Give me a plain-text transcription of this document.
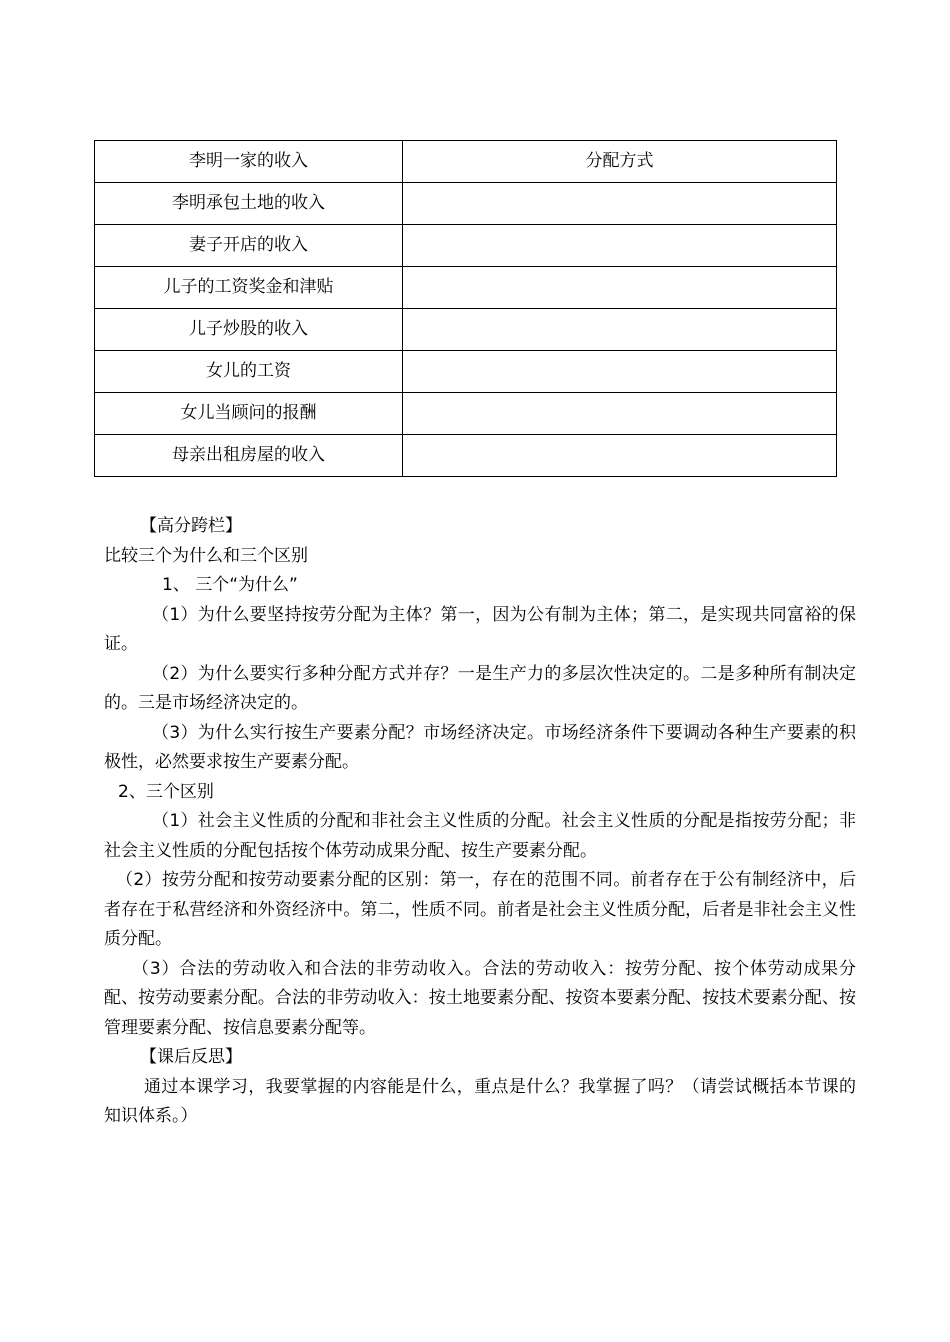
李明一家的收入	分配方式
李明承包土地的收入	
妻子开店的收入	
儿子的工资奖金和津贴	
儿子炒股的收入	
女儿的工资	
女儿当顾问的报酬	
母亲出租房屋的收入	

【高分跨栏】

比较三个为什么和三个区别

1、 三个“为什么”

（1）为什么要坚持按劳分配为主体？第一，因为公有制为主体；第二，是实现共同富裕的保证。

（2）为什么要实行多种分配方式并存？一是生产力的多层次性决定的。二是多种所有制决定的。三是市场经济决定的。

（3）为什么实行按生产要素分配？市场经济决定。市场经济条件下要调动各种生产要素的积极性，必然要求按生产要素分配。

2、三个区别

（1）社会主义性质的分配和非社会主义性质的分配。社会主义性质的分配是指按劳分配；非社会主义性质的分配包括按个体劳动成果分配、按生产要素分配。

（2）按劳分配和按劳动要素分配的区别：第一，存在的范围不同。前者存在于公有制经济中，后者存在于私营经济和外资经济中。第二，性质不同。前者是社会主义性质分配，后者是非社会主义性质分配。

（3）合法的劳动收入和合法的非劳动收入。合法的劳动收入：按劳分配、按个体劳动成果分配、按劳动要素分配。合法的非劳动收入：按土地要素分配、按资本要素分配、按技术要素分配、按管理要素分配、按信息要素分配等。

【课后反思】

通过本课学习，我要掌握的内容能是什么，重点是什么？我掌握了吗？（请尝试概括本节课的知识体系。）
